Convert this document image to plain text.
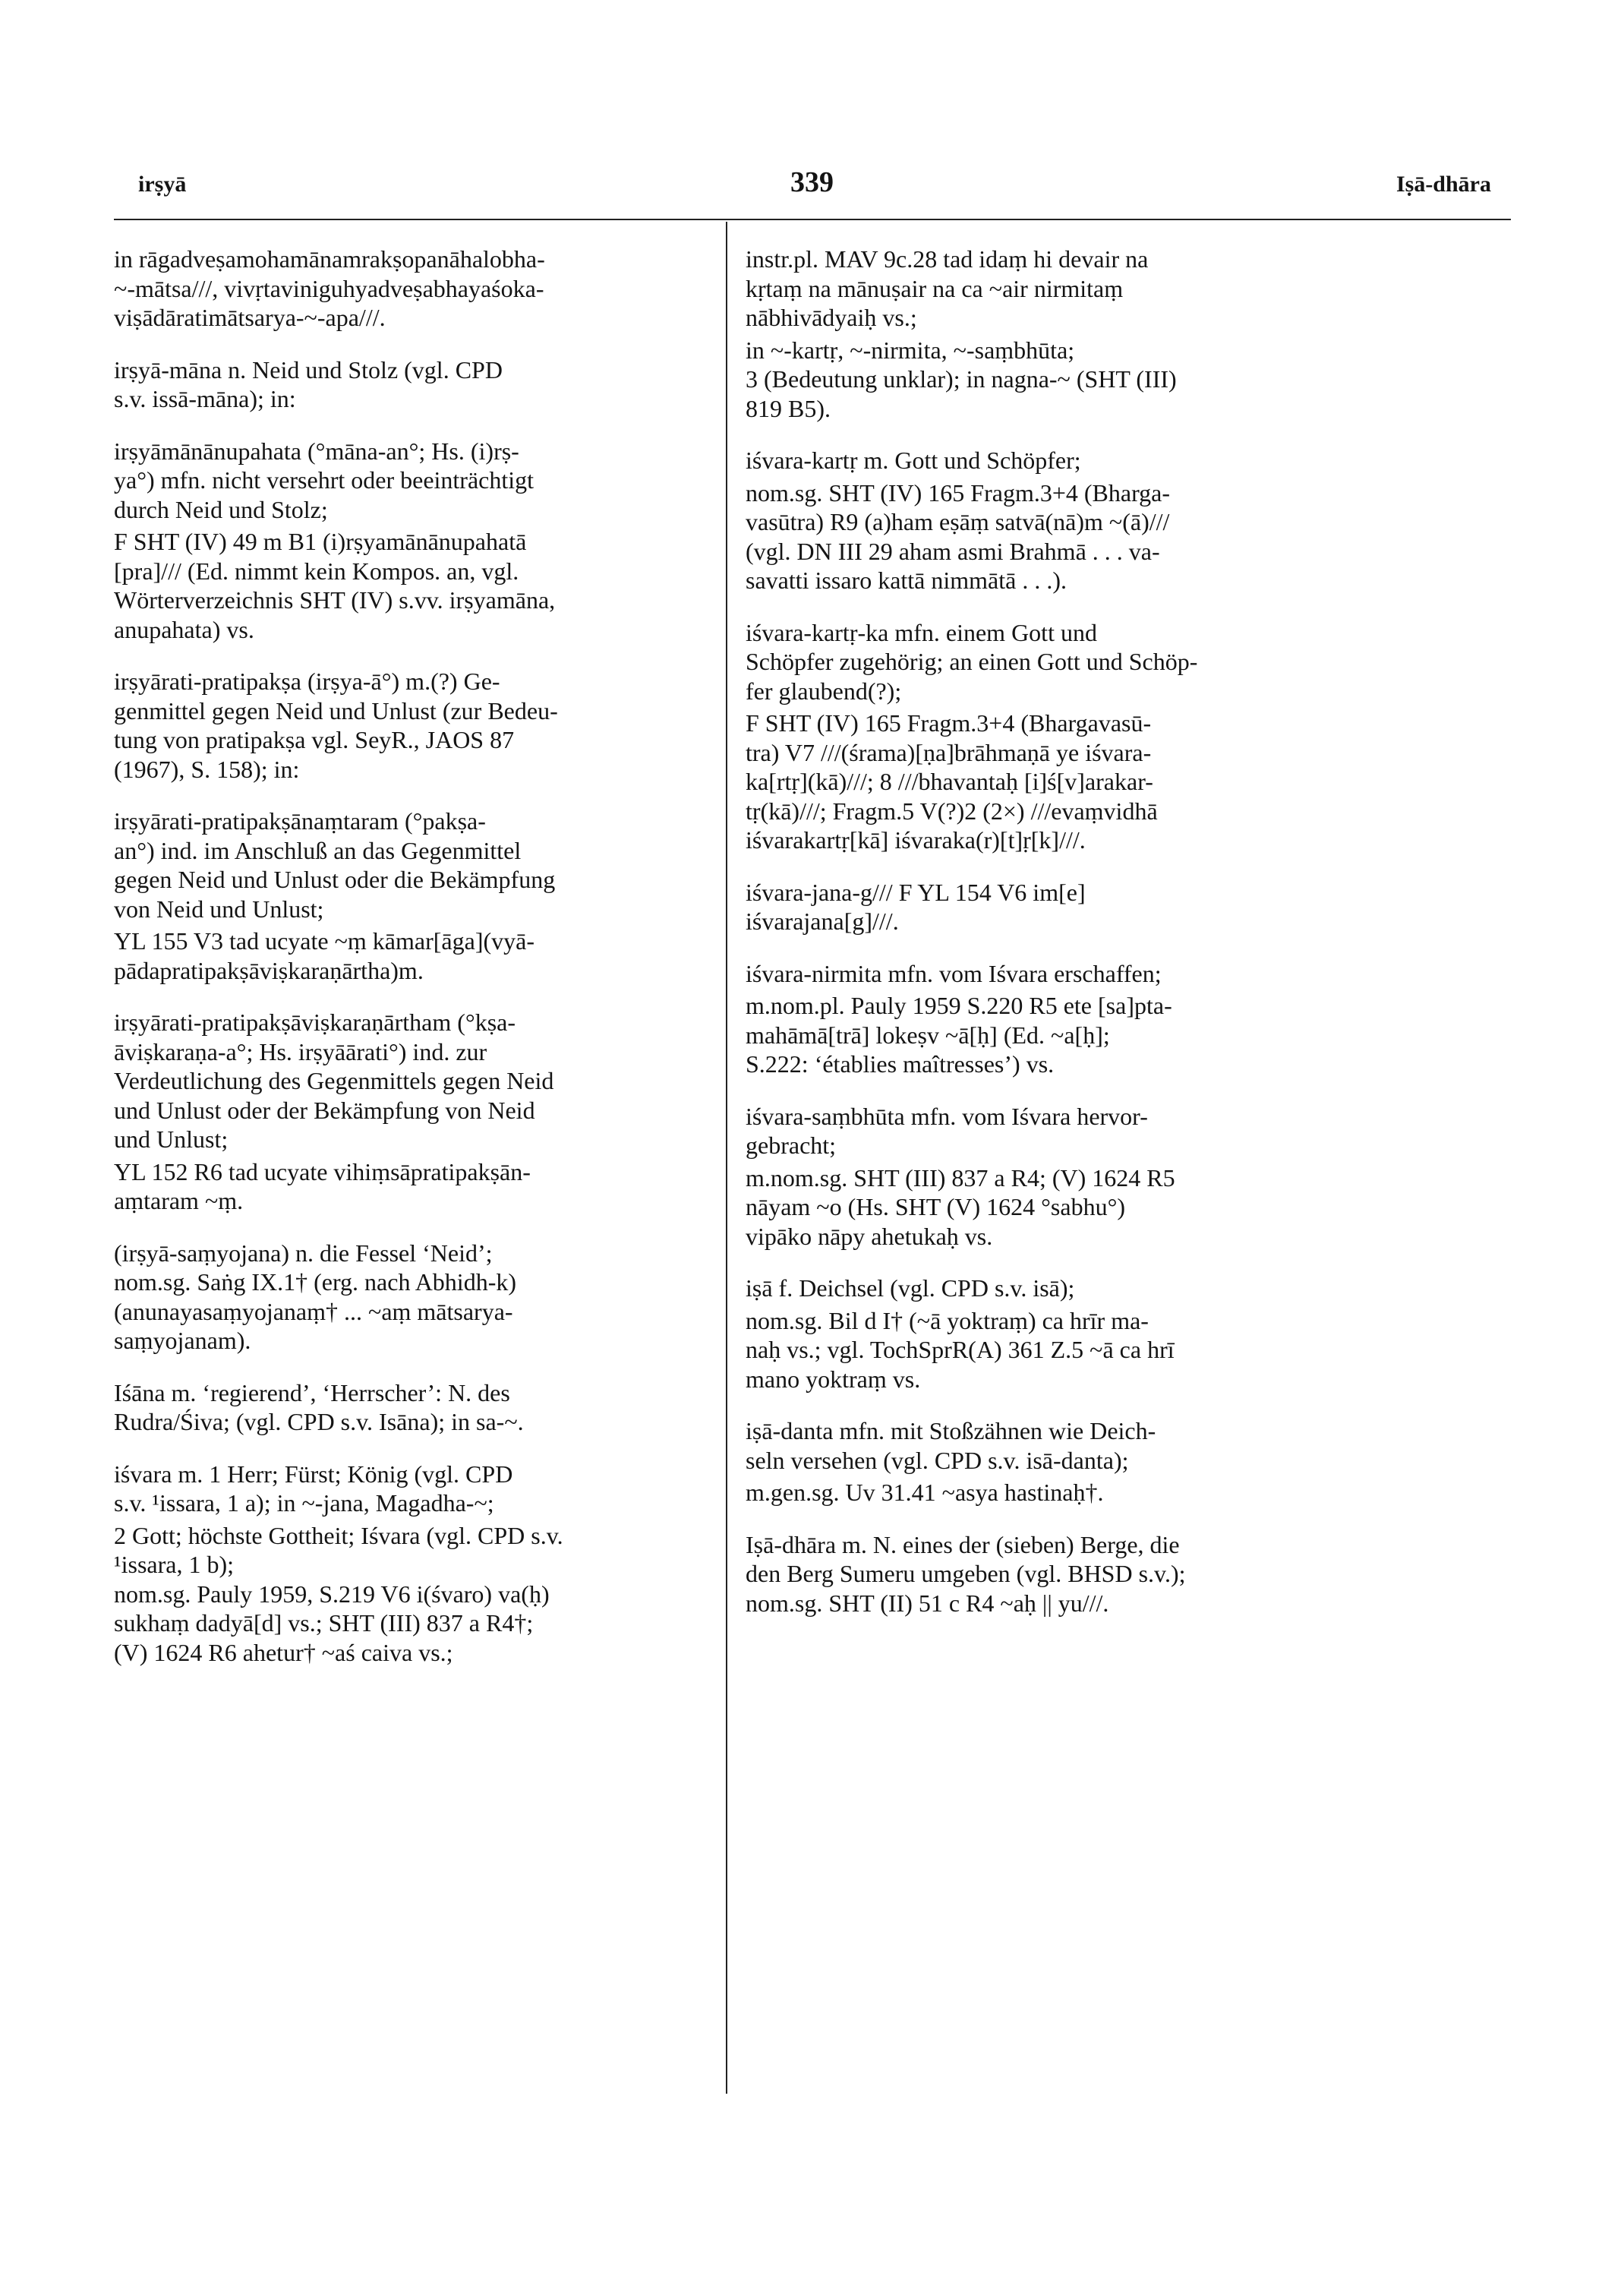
irṣyā	339	Iṣā-dhāra
in rāgadveṣamohamānamrakṣopanāhalobha-
~-mātsa///, vivṛtaviniguhyadveṣabhayaśoka-
viṣādāratimātsarya-~-apa///.
irṣyā-māna n. Neid und Stolz (vgl. CPD
s.v. issā-māna); in:
irṣyāmānānupahata (°māna-an°; Hs. (i)rṣ-
ya°) mfn. nicht versehrt oder beeinträchtigt
durch Neid und Stolz;
F SHT (IV) 49 m B1 (i)rṣyamānānupahatā
[pra]/// (Ed. nimmt kein Kompos. an, vgl.
Wörterverzeichnis SHT (IV) s.vv. irṣyamāna,
anupahata) vs.
irṣyārati-pratipakṣa (irṣya-ā°) m.(?) Ge-
genmittel gegen Neid und Unlust (zur Bedeu-
tung von pratipakṣa vgl. SeyR., JAOS 87
(1967), S. 158); in:
irṣyārati-pratipakṣānaṃtaram (°pakṣa-
an°) ind. im Anschluß an das Gegenmittel
gegen Neid und Unlust oder die Bekämpfung
von Neid und Unlust;
YL 155 V3 tad ucyate ~ṃ kāmar[āga](vyā-
pādapratipakṣāviṣkaraṇārtha)m.
irṣyārati-pratipakṣāviṣkaraṇārtham (°kṣa-
āviṣkaraṇa-a°; Hs. irṣyāārati°) ind. zur
Verdeutlichung des Gegenmittels gegen Neid
und Unlust oder der Bekämpfung von Neid
und Unlust;
YL 152 R6 tad ucyate vihiṃsāpratipakṣān-
aṃtaram ~ṃ.
(irṣyā-saṃyojana) n. die Fessel ‘Neid’;
nom.sg. Saṅg IX.1† (erg. nach Abhidh-k)
(anunayasaṃyojanaṃ† ... ~aṃ mātsarya-
saṃyojanam).
Iśāna m. ‘regierend’, ‘Herrscher’: N. des
Rudra/Śiva; (vgl. CPD s.v. Isāna); in sa-~.
iśvara m. 1 Herr; Fürst; König (vgl. CPD
s.v. ¹issara, 1 a); in ~-jana, Magadha-~;
2 Gott; höchste Gottheit; Iśvara (vgl. CPD s.v.
¹issara, 1 b);
nom.sg. Pauly 1959, S.219 V6 i(śvaro) va(ḥ)
sukhaṃ dadyā[d] vs.; SHT (III) 837 a R4†;
(V) 1624 R6 ahetur† ~aś caiva vs.;
instr.pl. MAV 9c.28 tad idaṃ hi devair na
kṛtaṃ na mānuṣair na ca ~air nirmitaṃ
nābhivādyaiḥ vs.;
in ~-kartṛ, ~-nirmita, ~-saṃbhūta;
3 (Bedeutung unklar); in nagna-~ (SHT (III)
819 B5).
iśvara-kartṛ m. Gott und Schöpfer;
nom.sg. SHT (IV) 165 Fragm.3+4 (Bharga-
vasūtra) R9 (a)ham eṣāṃ satvā(nā)m ~(ā)///
(vgl. DN III 29 aham asmi Brahmā . . . va-
savatti issaro kattā nimmātā . . .).
iśvara-kartṛ-ka mfn. einem Gott und
Schöpfer zugehörig; an einen Gott und Schöp-
fer glaubend(?);
F SHT (IV) 165 Fragm.3+4 (Bhargavasū-
tra) V7 ///(śrama)[ṇa]brāhmaṇā ye iśvara-
ka[rtṛ](kā)///; 8 ///bhavantaḥ [i]ś[v]arakar-
tṛ(kā)///; Fragm.5 V(?)2 (2×) ///evaṃvidhā
iśvarakartṛ[kā] iśvaraka(r)[t]ṛ[k]///.
iśvara-jana-g/// F YL 154 V6 im[e]
iśvarajana[g]///.
iśvara-nirmita mfn. vom Iśvara erschaffen;
m.nom.pl. Pauly 1959 S.220 R5 ete [sa]pta-
mahāmā[trā] lokeṣv ~ā[ḥ] (Ed. ~a[ḥ];
S.222: ‘établies maîtresses’) vs.
iśvara-saṃbhūta mfn. vom Iśvara hervor-
gebracht;
m.nom.sg. SHT (III) 837 a R4; (V) 1624 R5
nāyam ~o (Hs. SHT (V) 1624 °sabhu°)
vipāko nāpy ahetukaḥ vs.
iṣā f. Deichsel (vgl. CPD s.v. isā);
nom.sg. Bil d I† (~ā yoktraṃ) ca hrīr ma-
naḥ vs.; vgl. TochSprR(A) 361 Z.5 ~ā ca hrī
mano yoktraṃ vs.
iṣā-danta mfn. mit Stoßzähnen wie Deich-
seln versehen (vgl. CPD s.v. isā-danta);
m.gen.sg. Uv 31.41 ~asya hastinaḥ†.
Iṣā-dhāra m. N. eines der (sieben) Berge, die
den Berg Sumeru umgeben (vgl. BHSD s.v.);
nom.sg. SHT (II) 51 c R4 ~aḥ || yu///.
